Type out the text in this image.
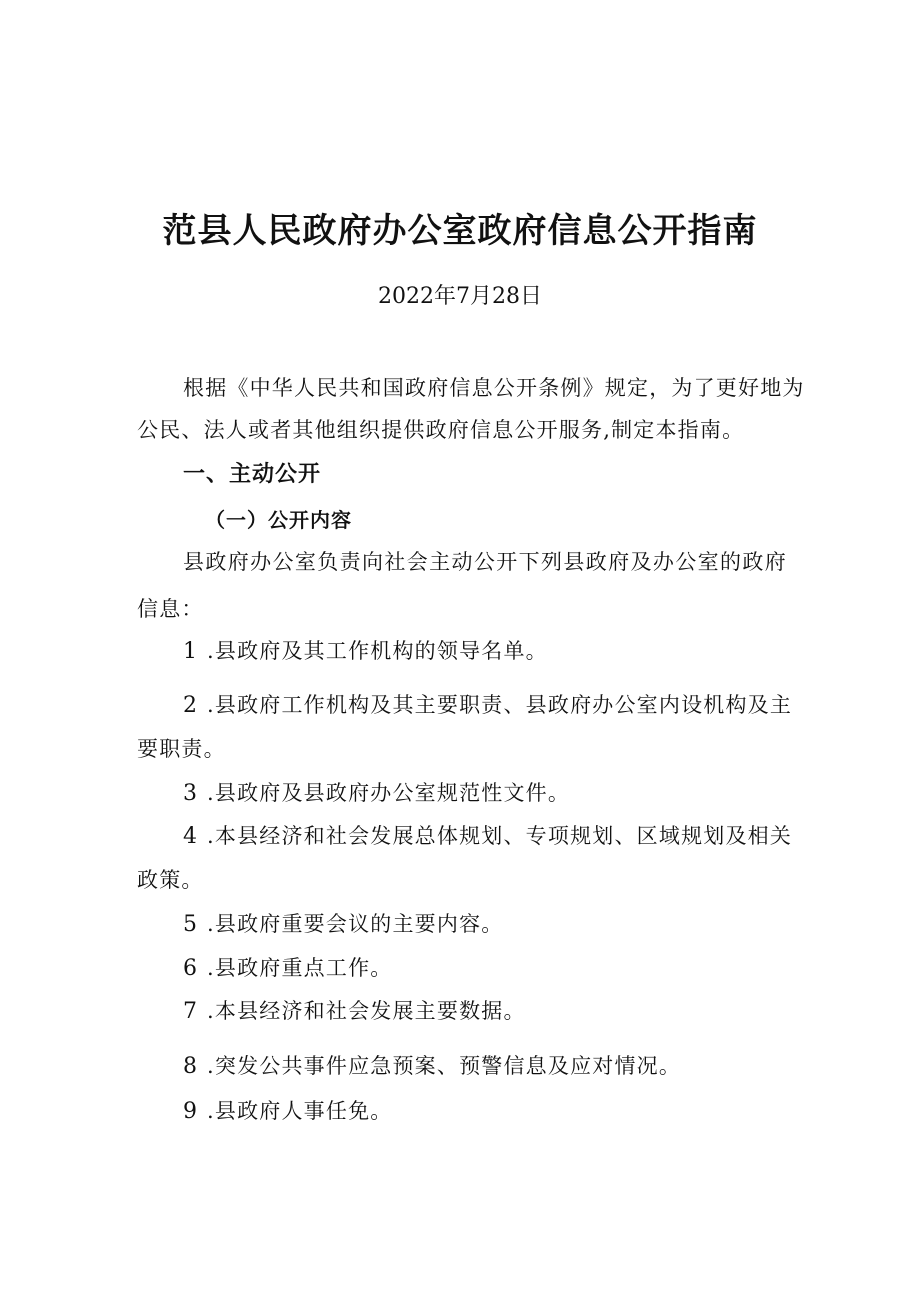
范县人民政府办公室政府信息公开指南
2022年7月28日
根据《中华人民共和国政府信息公开条例》规定，为了更好地为
公民、法人或者其他组织提供政府信息公开服务,制定本指南。
一、主动公开
（一）公开内容
县政府办公室负责向社会主动公开下列县政府及办公室的政府
信息：
1 .县政府及其工作机构的领导名单。
2 .县政府工作机构及其主要职责、县政府办公室内设机构及主
要职责。
3 .县政府及县政府办公室规范性文件。
4 .本县经济和社会发展总体规划、专项规划、区域规划及相关
政策。
5 .县政府重要会议的主要内容。
6 .县政府重点工作。
7 .本县经济和社会发展主要数据。
8 .突发公共事件应急预案、预警信息及应对情况。
9 .县政府人事任免。
